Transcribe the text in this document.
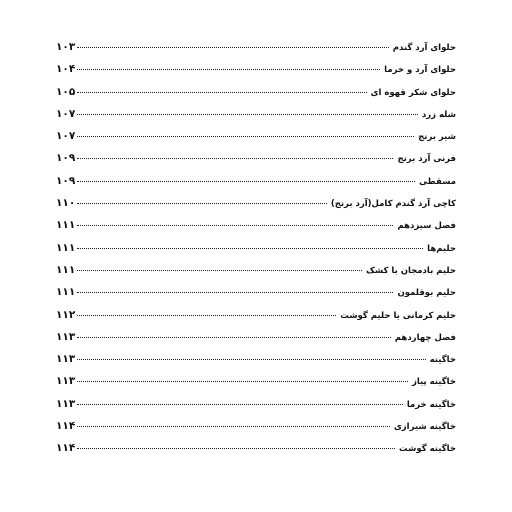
حلوای آرد گندم
۱۰۳
حلوای آرد و خرما
۱۰۴
حلوای شکر قهوه ای
۱۰۵
شله زرد
۱۰۷
شیر برنج
۱۰۷
فرنی آرد برنج
۱۰۹
مسقطی
۱۰۹
کاچی آرد گندم کامل(آرد برنج)
۱۱۰
فصل سیزدهم
۱۱۱
حلیم‌ها
۱۱۱
حلیم بادمجان با کشک
۱۱۱
حلیم بوقلمون
۱۱۱
حلیم کرمانی یا حلیم گوشت
۱۱۲
فصل چهاردهم
۱۱۳
خاگینه
۱۱۳
خاگینه پیاز
۱۱۳
خاگینه خرما
۱۱۳
خاگینه شیرازی
۱۱۴
خاگینه گوشت
۱۱۴
